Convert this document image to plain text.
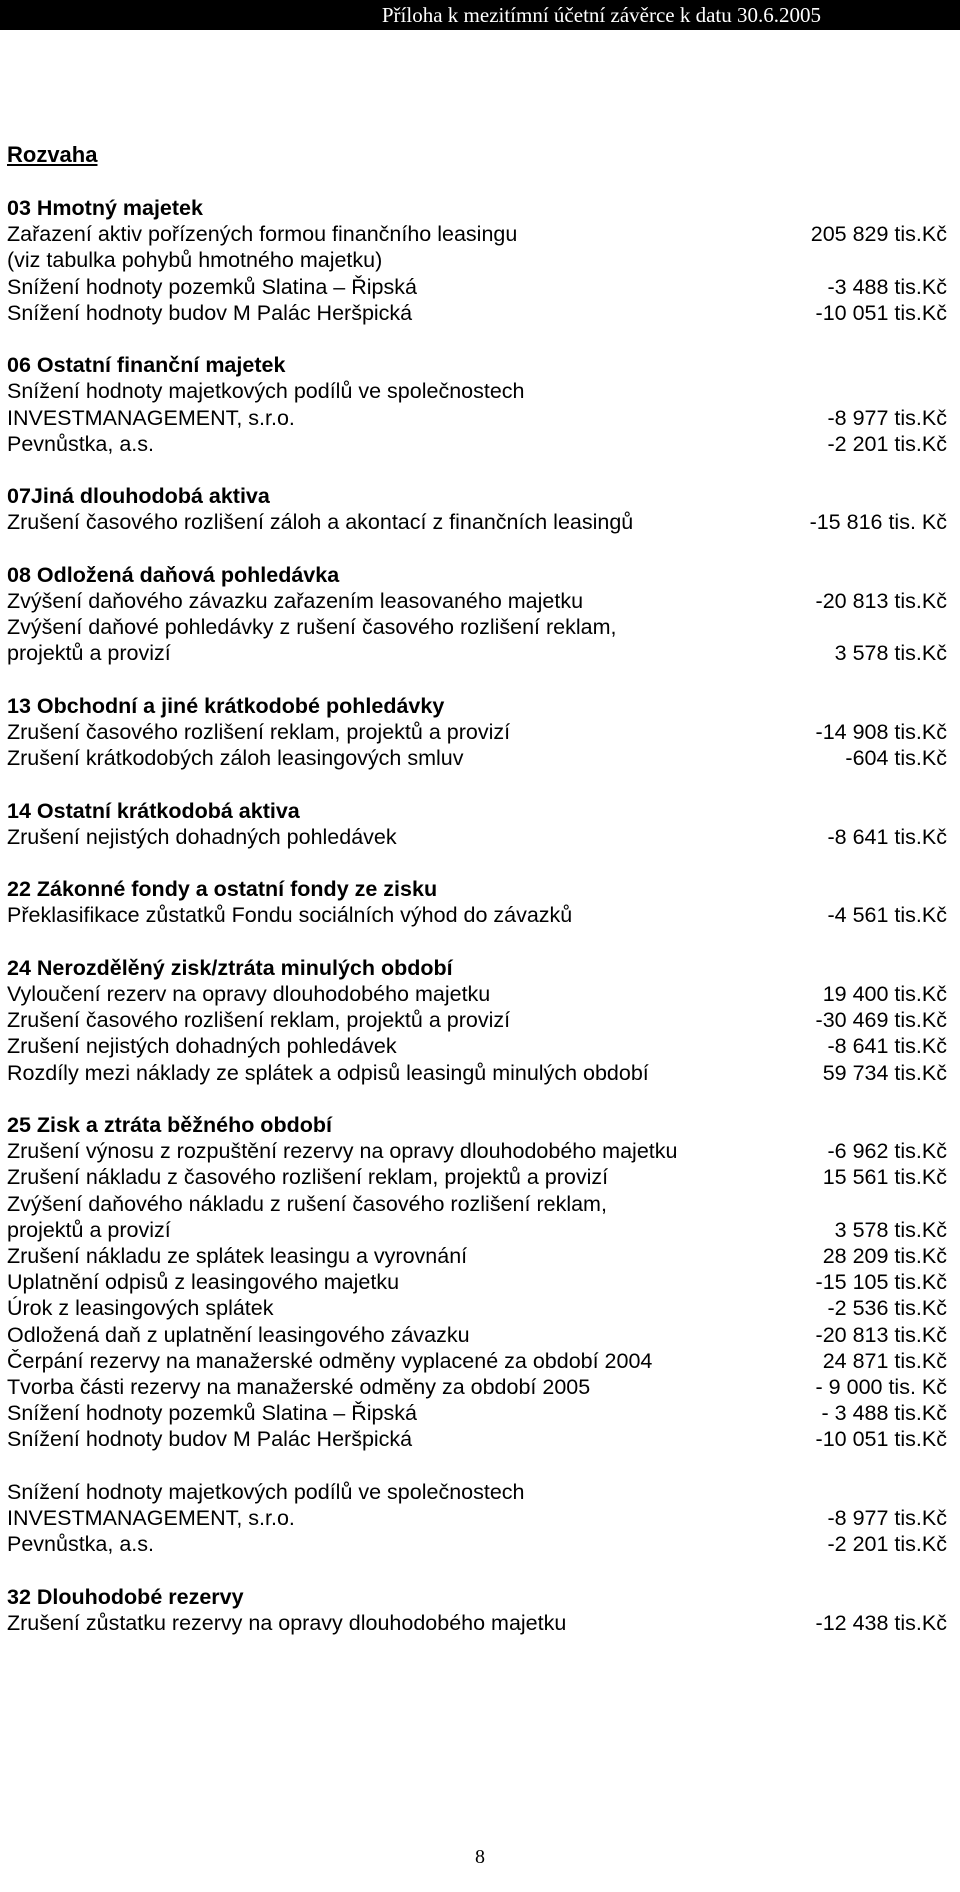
Příloha k mezitímní účetní závěrce k datu 30.6.2005
Rozvaha
03 Hmotný majetek
Zařazení aktiv pořízených formou finančního leasingu	205 829 tis.Kč
(viz tabulka pohybů hmotného majetku)
Snížení hodnoty pozemků Slatina – Řipská	-3 488 tis.Kč
Snížení hodnoty budov M Palác Heršpická	-10 051 tis.Kč
06 Ostatní finanční majetek
Snížení hodnoty majetkových podílů ve společnostech
INVESTMANAGEMENT, s.r.o.	-8 977 tis.Kč
Pevnůstka, a.s.	-2 201 tis.Kč
07Jiná dlouhodobá aktiva
Zrušení časového rozlišení záloh a akontací z finančních leasingů	-15 816 tis. Kč
08 Odložená daňová pohledávka
Zvýšení daňového závazku zařazením leasovaného majetku	-20 813 tis.Kč
Zvýšení daňové pohledávky z rušení časového rozlišení reklam,
projektů a provizí	3 578 tis.Kč
13 Obchodní a jiné krátkodobé pohledávky
Zrušení časového rozlišení reklam, projektů a provizí	-14 908 tis.Kč
Zrušení krátkodobých záloh leasingových smluv	-604 tis.Kč
14 Ostatní krátkodobá aktiva
Zrušení nejistých dohadných pohledávek	-8 641 tis.Kč
22 Zákonné fondy a ostatní fondy ze zisku
Překlasifikace zůstatků Fondu sociálních výhod do závazků	-4 561 tis.Kč
24 Nerozdělěný zisk/ztráta minulých období
Vyloučení rezerv na opravy dlouhodobého majetku	19 400 tis.Kč
Zrušení časového rozlišení reklam, projektů a provizí	-30 469 tis.Kč
Zrušení nejistých dohadných pohledávek	-8 641 tis.Kč
Rozdíly mezi náklady ze splátek a odpisů leasingů minulých období	59 734 tis.Kč
25 Zisk a ztráta běžného období
Zrušení výnosu z rozpuštění rezervy na opravy dlouhodobého majetku	-6 962 tis.Kč
Zrušení nákladu z časového rozlišení reklam, projektů a provizí	15 561 tis.Kč
Zvýšení daňového nákladu z rušení časového rozlišení reklam,
projektů a provizí	3 578 tis.Kč
Zrušení nákladu ze splátek leasingu a vyrovnání	28 209 tis.Kč
Uplatnění odpisů z leasingového majetku	-15 105 tis.Kč
Úrok z leasingových splátek	-2 536 tis.Kč
Odložená daň z uplatnění leasingového závazku	-20 813 tis.Kč
Čerpání rezervy na manažerské odměny vyplacené za období 2004	24 871 tis.Kč
Tvorba části rezervy na manažerské odměny za období 2005	- 9 000 tis. Kč
Snížení hodnoty pozemků Slatina – Řipská	- 3 488 tis.Kč
Snížení hodnoty budov M Palác Heršpická	-10 051 tis.Kč
Snížení hodnoty majetkových podílů ve společnostech
INVESTMANAGEMENT, s.r.o.	-8 977 tis.Kč
Pevnůstka, a.s.	-2 201 tis.Kč
32 Dlouhodobé rezervy
Zrušení zůstatku rezervy na opravy dlouhodobého majetku	-12 438 tis.Kč
8
